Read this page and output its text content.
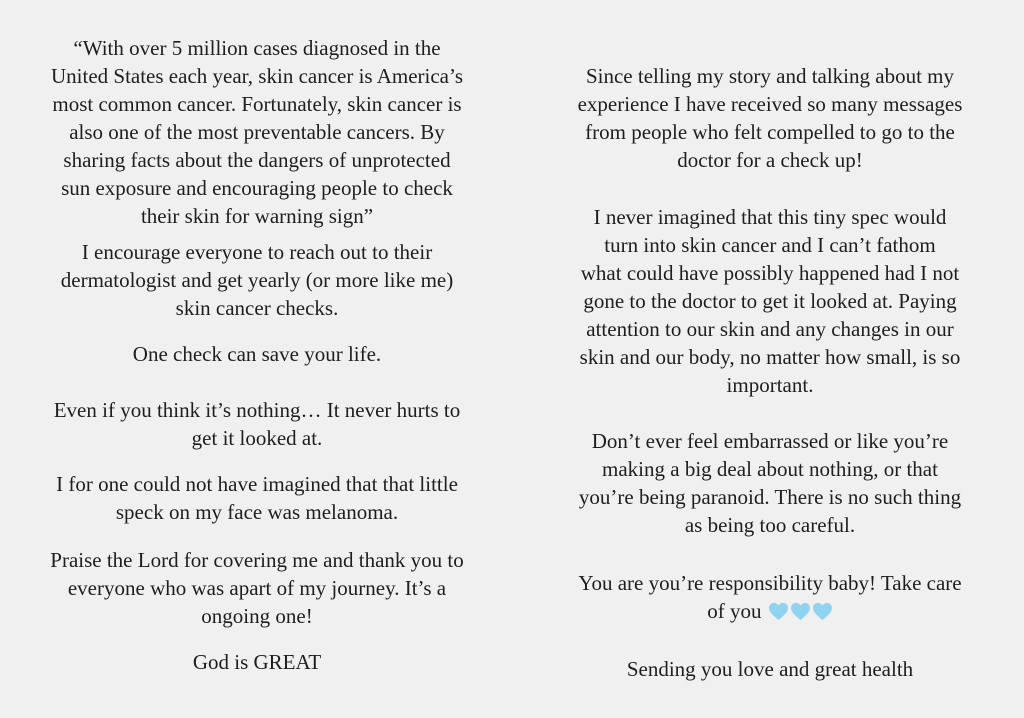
“With over 5 million cases diagnosed in the
United States each year, skin cancer is America’s
most common cancer. Fortunately, skin cancer is
also one of the most preventable cancers. By
sharing facts about the dangers of unprotected
sun exposure and encouraging people to check
their skin for warning sign”

I encourage everyone to reach out to their
dermatologist and get yearly (or more like me)
skin cancer checks.

One check can save your life.

Even if you think it’s nothing… It never hurts to
get it looked at.

I for one could not have imagined that that little
speck on my face was melanoma.

Praise the Lord for covering me and thank you to
everyone who was apart of my journey. It’s a
ongoing one!

God is GREAT

Since telling my story and talking about my
experience I have received so many messages
from people who felt compelled to go to the
doctor for a check up!

I never imagined that this tiny spec would
turn into skin cancer and I can’t fathom
what could have possibly happened had I not
gone to the doctor to get it looked at. Paying
attention to our skin and any changes in our
skin and our body, no matter how small, is so
important.

Don’t ever feel embarrassed or like you’re
making a big deal about nothing, or that
you’re being paranoid. There is no such thing
as being too careful.

You are you’re responsibility baby! Take care
of you

Sending you love and great health
